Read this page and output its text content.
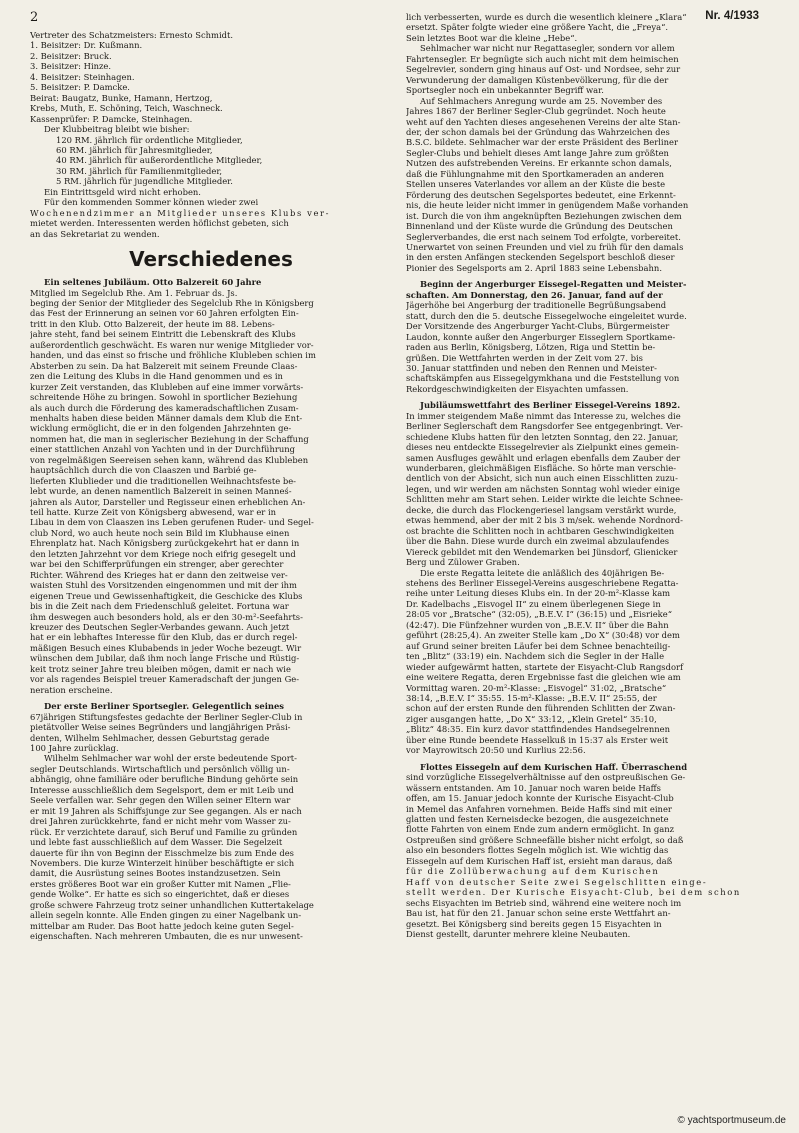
2	Nr. 4/1933
Vertreter des Schatzmeisters: Ernesto Schmidt.
1. Beisitzer: Dr. Kußmann.
2. Beisitzer: Bruck.
3. Beisitzer: Hinze.
4. Beisitzer: Steinhagen.
5. Beisitzer: P. Damcke.
Beirat: Baugatz, Bunke, Hamann, Hertzog,
Krebs, Muth, E. Schöning, Teich, Waschneck.
Kassenprüfer: P. Damcke, Steinhagen.
Der Klubbeitrag bleibt wie bisher:
120 RM. jährlich für ordentliche Mitglieder,
60 RM. jährlich für Jahresmitglieder,
40 RM. jährlich für außerordentliche Mitglieder,
30 RM. jährlich für Familienmitglieder,
5 RM. jährlich für jugendliche Mitglieder.
Ein Eintrittsgeld wird nicht erhoben.
Für den kommenden Sommer können wieder zwei
Wochenendzimmer an Mitglieder unseres Klubs ver-
mietet werden. Interessenten werden höflichst gebeten, sich
an das Sekretariat zu wenden.
Verschiedenes
Ein seltenes Jubiläum. Otto Balzereit 60 Jahre
Mitglied im Segelclub Rhe. Am 1. Februar ds. Js.
beging der Senior der Mitglieder des Segelclub Rhe in Königsberg
das Fest der Erinnerung an seinen vor 60 Jahren erfolgten Ein-
tritt in den Klub. Otto Balzereit, der heute im 88. Lebens-
jahre steht, fand bei seinem Eintritt die Lebenskraft des Klubs
außerordentlich geschwächt. Es waren nur wenige Mitglieder vor-
handen, und das einst so frische und fröhliche Klubleben schien im
Absterben zu sein. Da hat Balzereit mit seinem Freunde Claas-
zen die Leitung des Klubs in die Hand genommen und es in
kurzer Zeit verstanden, das Klubleben auf eine immer vorwärts-
schreitende Höhe zu bringen. Sowohl in sportlicher Beziehung
als auch durch die Förderung des kameradschaftlichen Zusam-
menhalts haben diese beiden Männer damals dem Klub die Ent-
wicklung ermöglicht, die er in den folgenden Jahrzehnten ge-
nommen hat, die man in seglerischer Beziehung in der Schaffung
einer stattlichen Anzahl von Yachten und in der Durchführung
von regelmäßigen Seereisen sehen kann, während das Klubleben
hauptsächlich durch die von Claaszen und Barbié ge-
lieferten Klublieder und die traditionellen Weihnachtsfeste be-
lebt wurde, an denen namentlich Balzereit in seinen Manneś-
jahren als Autor, Darsteller und Regisseur einen erheblichen An-
teil hatte. Kurze Zeit von Königsberg abwesend, war er in
Libau in dem von Claaszen ins Leben gerufenen Ruder- und Segel-
club Nord, wo auch heute noch sein Bild im Klubhause einen
Ehrenplatz hat. Nach Königsberg zurückgekehrt hat er dann in
den letzten Jahrzehnt vor dem Kriege noch eifrig gesegelt und
war bei den Schifferprüfungen ein strenger, aber gerechter
Richter. Während des Krieges hat er dann den zeitweise ver-
waisten Stuhl des Vorsitzenden eingenommen und mit der ihm
eigenen Treue und Gewissenhaftigkeit, die Geschicke des Klubs
bis in die Zeit nach dem Friedenschluß geleitet. Fortuna war
ihm deswegen auch besonders hold, als er den 30-m²-Seefahrts-
kreuzer des Deutschen Segler-Verbandes gewann. Auch jetzt
hat er ein lebhaftes Interesse für den Klub, das er durch regel-
mäßigen Besuch eines Klubabends in jeder Woche bezeugt. Wir
wünschen dem Jubilar, daß ihm noch lange Frische und Rüstig-
keit trotz seiner Jahre treu bleiben mögen, damit er nach wie
vor als ragendes Beispiel treuer Kameradschaft der jungen Ge-
neration erscheine.
Der erste Berliner Sportsegler. Gelegentlich seines
67jährigen Stiftungsfestes gedachte der Berliner Segler-Club in
pietätvoller Weise seines Begründers und langjährigen Präsi-
denten, Wilhelm Sehlmacher, dessen Geburtstag gerade
100 Jahre zurücklag.
Wilhelm Sehlmacher war wohl der erste bedeutende Sport-
segler Deutschlands. Wirtschaftlich und persönlich völlig un-
abhängig, ohne familiäre oder berufliche Bindung gehörte sein
Interesse ausschließlich dem Segelsport, dem er mit Leib und
Seele verfallen war. Sehr gegen den Willen seiner Eltern war
er mit 19 Jahren als Schiffsjunge zur See gegangen. Als er nach
drei Jahren zurückkehrte, fand er nicht mehr vom Wasser zu-
rück. Er verzichtete darauf, sich Beruf und Familie zu gründen
und lebte fast ausschließlich auf dem Wasser. Die Segelzeit
dauerte für ihn von Beginn der Eisschmelze bis zum Ende des
Novembers. Die kurze Winterzeit hinüber beschäftigte er sich
damit, die Ausrüstung seines Bootes instandzusetzen. Sein
erstes größeres Boot war ein großer Kutter mit Namen „Flie-
gende Wolke“. Er hatte es sich so eingerichtet, daß er dieses
große schwere Fahrzeug trotz seiner unhandlichen Kuttertakelage
allein segeln konnte. Alle Enden gingen zu einer Nagelbank un-
mittelbar am Ruder. Das Boot hatte jedoch keine guten Segel-
eigenschaften. Nach mehreren Umbauten, die es nur unwesent-
lich verbesserten, wurde es durch die wesentlich kleinere „Klara“
ersetzt. Später folgte wieder eine größere Yacht, die „Freya“.
Sein letztes Boot war die kleine „Hebe“.
Sehlmacher war nicht nur Regattasegler, sondern vor allem
Fahrtensegler. Er begnügte sich auch nicht mit dem heimischen
Segelrevier, sondern ging hinaus auf Ost- und Nordsee, sehr zur
Verwunderung der damaligen Küstenbevölkerung, für die der
Sportsegler noch ein unbekannter Begriff war.
Auf Sehlmachers Anregung wurde am 25. November des
Jahres 1867 der Berliner Segler-Club gegründet. Noch heute
weht auf den Yachten dieses angesehenen Vereins der alte Stan-
der, der schon damals bei der Gründung das Wahrzeichen des
B.S.C. bildete. Sehlmacher war der erste Präsident des Berliner
Segler-Clubs und behielt dieses Amt lange Jahre zum größten
Nutzen des aufstrebenden Vereins. Er erkannte schon damals,
daß die Fühlungnahme mit den Sportkameraden an anderen
Stellen unseres Vaterlandes vor allem an der Küste die beste
Förderung des deutschen Segelsportes bedeutet, eine Erkennt-
nis, die heute leider nicht immer in genügendem Maße vorhanden
ist. Durch die von ihm angeknüpften Beziehungen zwischen dem
Binnenland und der Küste wurde die Gründung des Deutschen
Seglerverbandes, die erst nach seinem Tod erfolgte, vorbereitet.
Unerwartet von seinen Freunden und viel zu früh für den damals
in den ersten Anfängen steckenden Segelsport beschloß dieser
Pionier des Segelsports am 2. April 1883 seine Lebensbahn.
Beginn der Angerburger Eissegel-Regatten und Meister-
schaften. Am Donnerstag, den 26. Januar, fand auf der
Jägerhöhe bei Angerburg der traditionelle Begrüßungsabend
statt, durch den die 5. deutsche Eissegelwoche eingeleitet wurde.
Der Vorsitzende des Angerburger Yacht-Clubs, Bürgermeister
Laudon, konnte außer den Angerburger Eisseglern Sportkame-
raden aus Berlin, Königsberg, Lötzen, Riga und Stettin be-
grüßen. Die Wettfahrten werden in der Zeit vom 27. bis
30. Januar stattfinden und neben den Rennen und Meister-
schaftskämpfen aus Eissegelgymkhana und die Feststellung von
Rekordgeschwindigkeiten der Eisyachten umfassen.
Jubiläumswettfahrt des Berliner Eissegel-Vereins 1892.
In immer steigendem Maße nimmt das Interesse zu, welches die
Berliner Seglerschaft dem Rangsdorfer See entgegenbringt. Ver-
schiedene Klubs hatten für den letzten Sonntag, den 22. Januar,
dieses neu entdeckte Eissegelrevier als Zielpunkt eines gemein-
samen Ausfluges gewählt und erlagen ebenfalls dem Zauber der
wunderbaren, gleichmäßigen Eisfläche. So hörte man verschie-
dentlich von der Absicht, sich nun auch einen Eisschlitten zuzu-
legen, und wir werden am nächsten Sonntag wohl wieder einige
Schlitten mehr am Start sehen. Leider wirkte die leichte Schnee-
decke, die durch das Flockengeriesel langsam verstärkt wurde,
etwas hemmend, aber der mit 2 bis 3 m/sek. wehende Nordnord-
ost brachte die Schlitten noch in achtbaren Geschwindigkeiten
über die Bahn. Diese wurde durch ein zweimal abzulaufendes
Viereck gebildet mit den Wendemarken bei Jünsdorf, Glienicker
Berg und Zülower Graben.
Die erste Regatta leitete die anläßlich des 40jährigen Be-
stehens des Berliner Eissegel-Vereins ausgeschriebene Regatta-
reihe unter Leitung dieses Klubs ein. In der 20-m²-Klasse kam
Dr. Kadelbachs „Eisvogel II“ zu einem überlegenen Siege in
28:05 vor „Bratsche“ (32:05), „B.E.V. I“ (36:15) und „Eisrieke“
(42:47). Die Fünfzehner wurden von „B.E.V. II“ über die Bahn
geführt (28:25,4). An zweiter Stelle kam „Do X“ (30:48) vor dem
auf Grund seiner breiten Läufer bei dem Schnee benachteilig-
ten „Blitz“ (33:19) ein. Nachdem sich die Segler in der Halle
wieder aufgewärmt hatten, startete der Eisyacht-Club Rangsdorf
eine weitere Regatta, deren Ergebnisse fast die gleichen wie am
Vormittag waren. 20-m²-Klasse: „Eisvogel“ 31:02, „Bratsche“
38:14, „B.E.V. I“ 35:55. 15-m²-Klasse: „B.E.V. II“ 25:55, der
schon auf der ersten Runde den führenden Schlitten der Zwan-
ziger ausgangen hatte, „Do X“ 33:12, „Klein Gretel“ 35:10,
„Blitz“ 48:35. Ein kurz davor stattfindendes Handsegelrennen
über eine Runde beendete Hasselkuß in 15:37 als Erster weit
vor Mayrowitsch 20:50 und Kurlius 22:56.
Flottes Eissegeln auf dem Kurischen Haff. Überraschend
sind vorzügliche Eissegelverhältnisse auf den ostpreußischen Ge-
wässern entstanden. Am 10. Januar noch waren beide Haffs
offen, am 15. Januar jedoch konnte der Kurische Eisyacht-Club
in Memel das Anfahren vornehmen. Beide Haffs sind mit einer
glatten und festen Kerneisdecke bezogen, die ausgezeichnete
flotte Fahrten von einem Ende zum andern ermöglicht. In ganz
Ostpreußen sind größere Schneefälle bisher nicht erfolgt, so daß
also ein besonders flottes Segeln möglich ist. Wie wichtig das
Eissegeln auf dem Kurischen Haff ist, ersieht man daraus, daß
für die Zollüberwachung auf dem Kurischen
Haff von deutscher Seite zwei Segelschlitten einge-
stellt werden. Der Kurische Eisyacht-Club, bei dem schon
sechs Eisyachten im Betrieb sind, während eine weitere noch im
Bau ist, hat für den 21. Januar schon seine erste Wettfahrt an-
gesetzt. Bei Königsberg sind bereits gegen 15 Eisyachten in
Dienst gestellt, darunter mehrere kleine Neubauten.
© yachtsportmuseum.de
